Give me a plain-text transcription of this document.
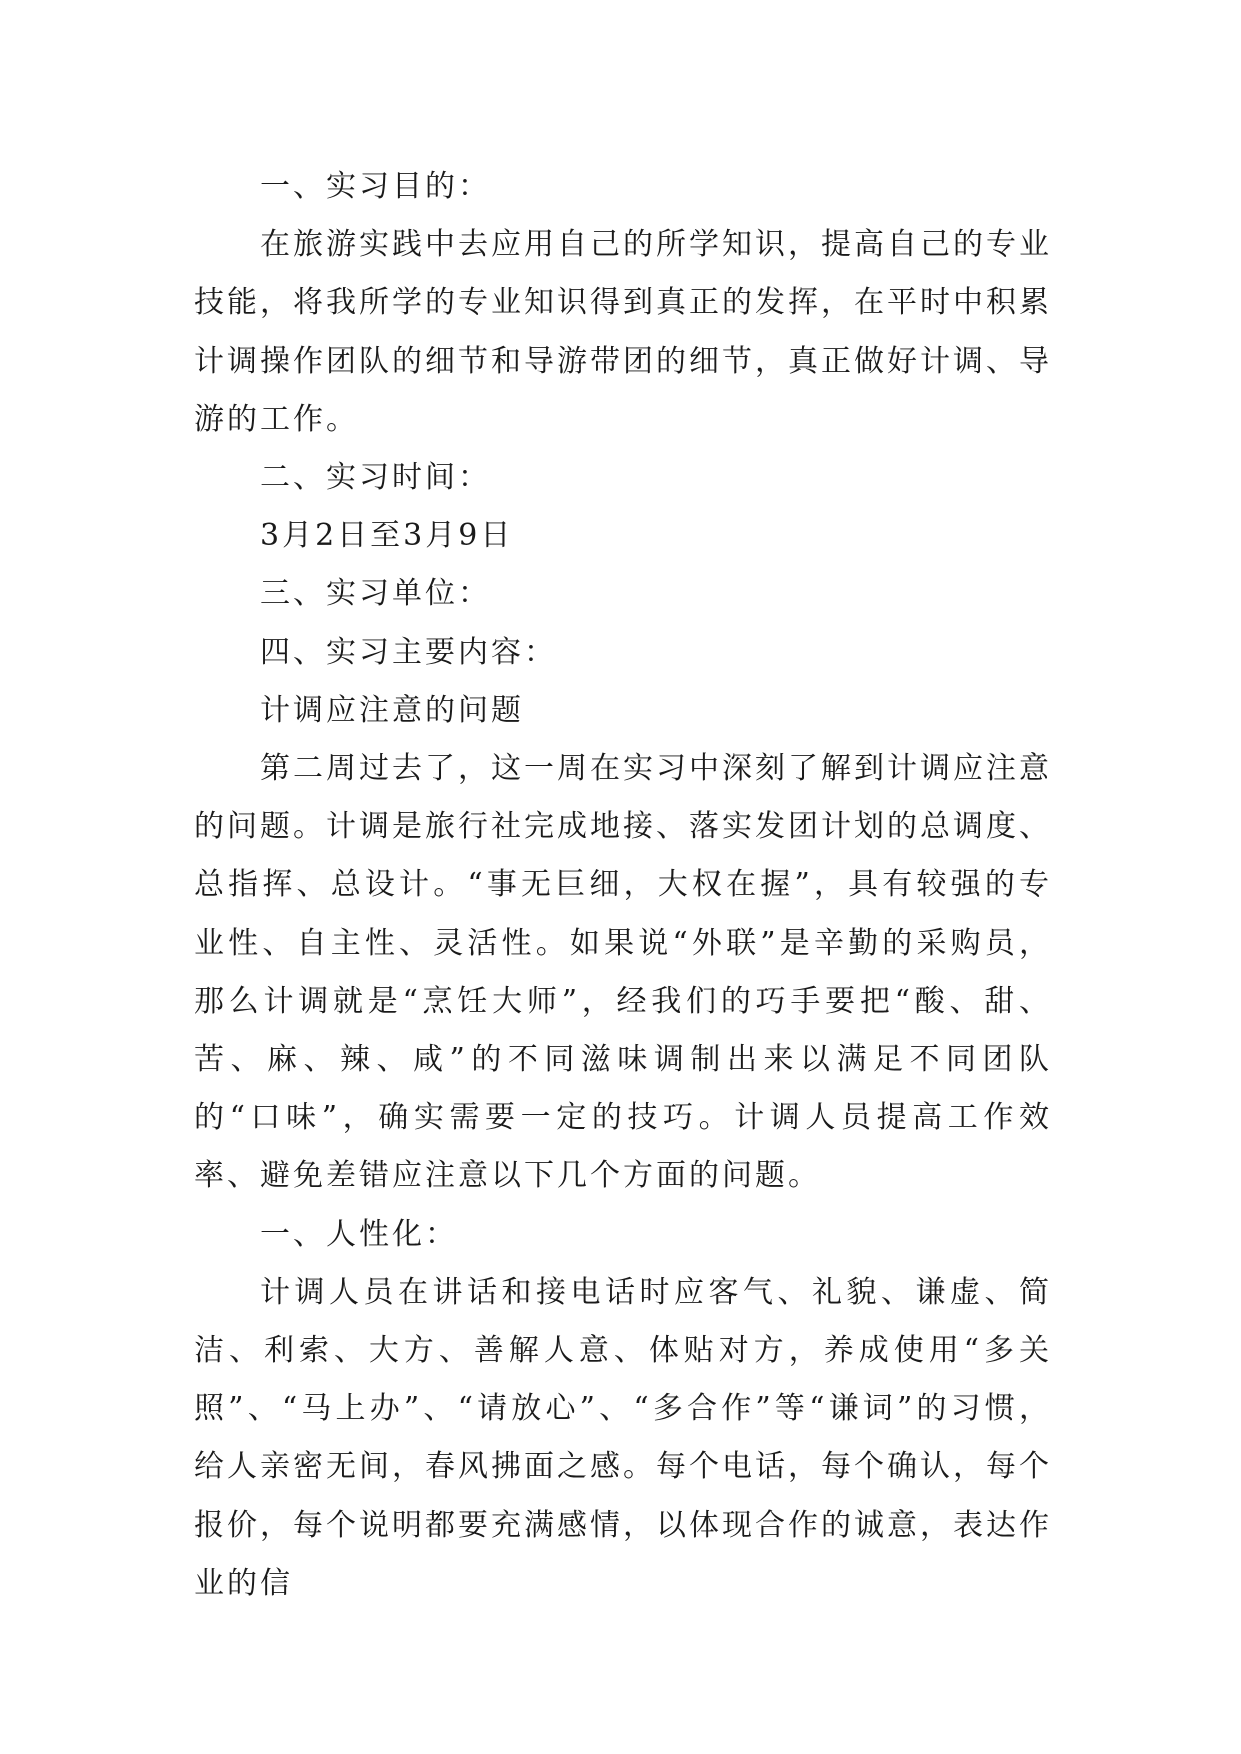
一、实习目的：

在旅游实践中去应用自己的所学知识，提高自己的专业技能，将我所学的专业知识得到真正的发挥，在平时中积累计调操作团队的细节和导游带团的细节，真正做好计调、导游的工作。

二、实习时间：

3月2日至3月9日

三、实习单位：

四、实习主要内容：

计调应注意的问题

第二周过去了，这一周在实习中深刻了解到计调应注意的问题。计调是旅行社完成地接、落实发团计划的总调度、总指挥、总设计。“事无巨细，大权在握”，具有较强的专业性、自主性、灵活性。如果说“外联”是辛勤的采购员，那么计调就是“烹饪大师”，经我们的巧手要把“酸、甜、苦、麻、辣、咸”的不同滋味调制出来以满足不同团队的“口味”，确实需要一定的技巧。计调人员提高工作效率、避免差错应注意以下几个方面的问题。

一、人性化：

计调人员在讲话和接电话时应客气、礼貌、谦虚、简洁、利索、大方、善解人意、体贴对方，养成使用“多关照”、“马上办”、“请放心”、“多合作”等“谦词”的习惯，给人亲密无间，春风拂面之感。每个电话，每个确认，每个报价，每个说明都要充满感情，以体现合作的诚意，表达作业的信
